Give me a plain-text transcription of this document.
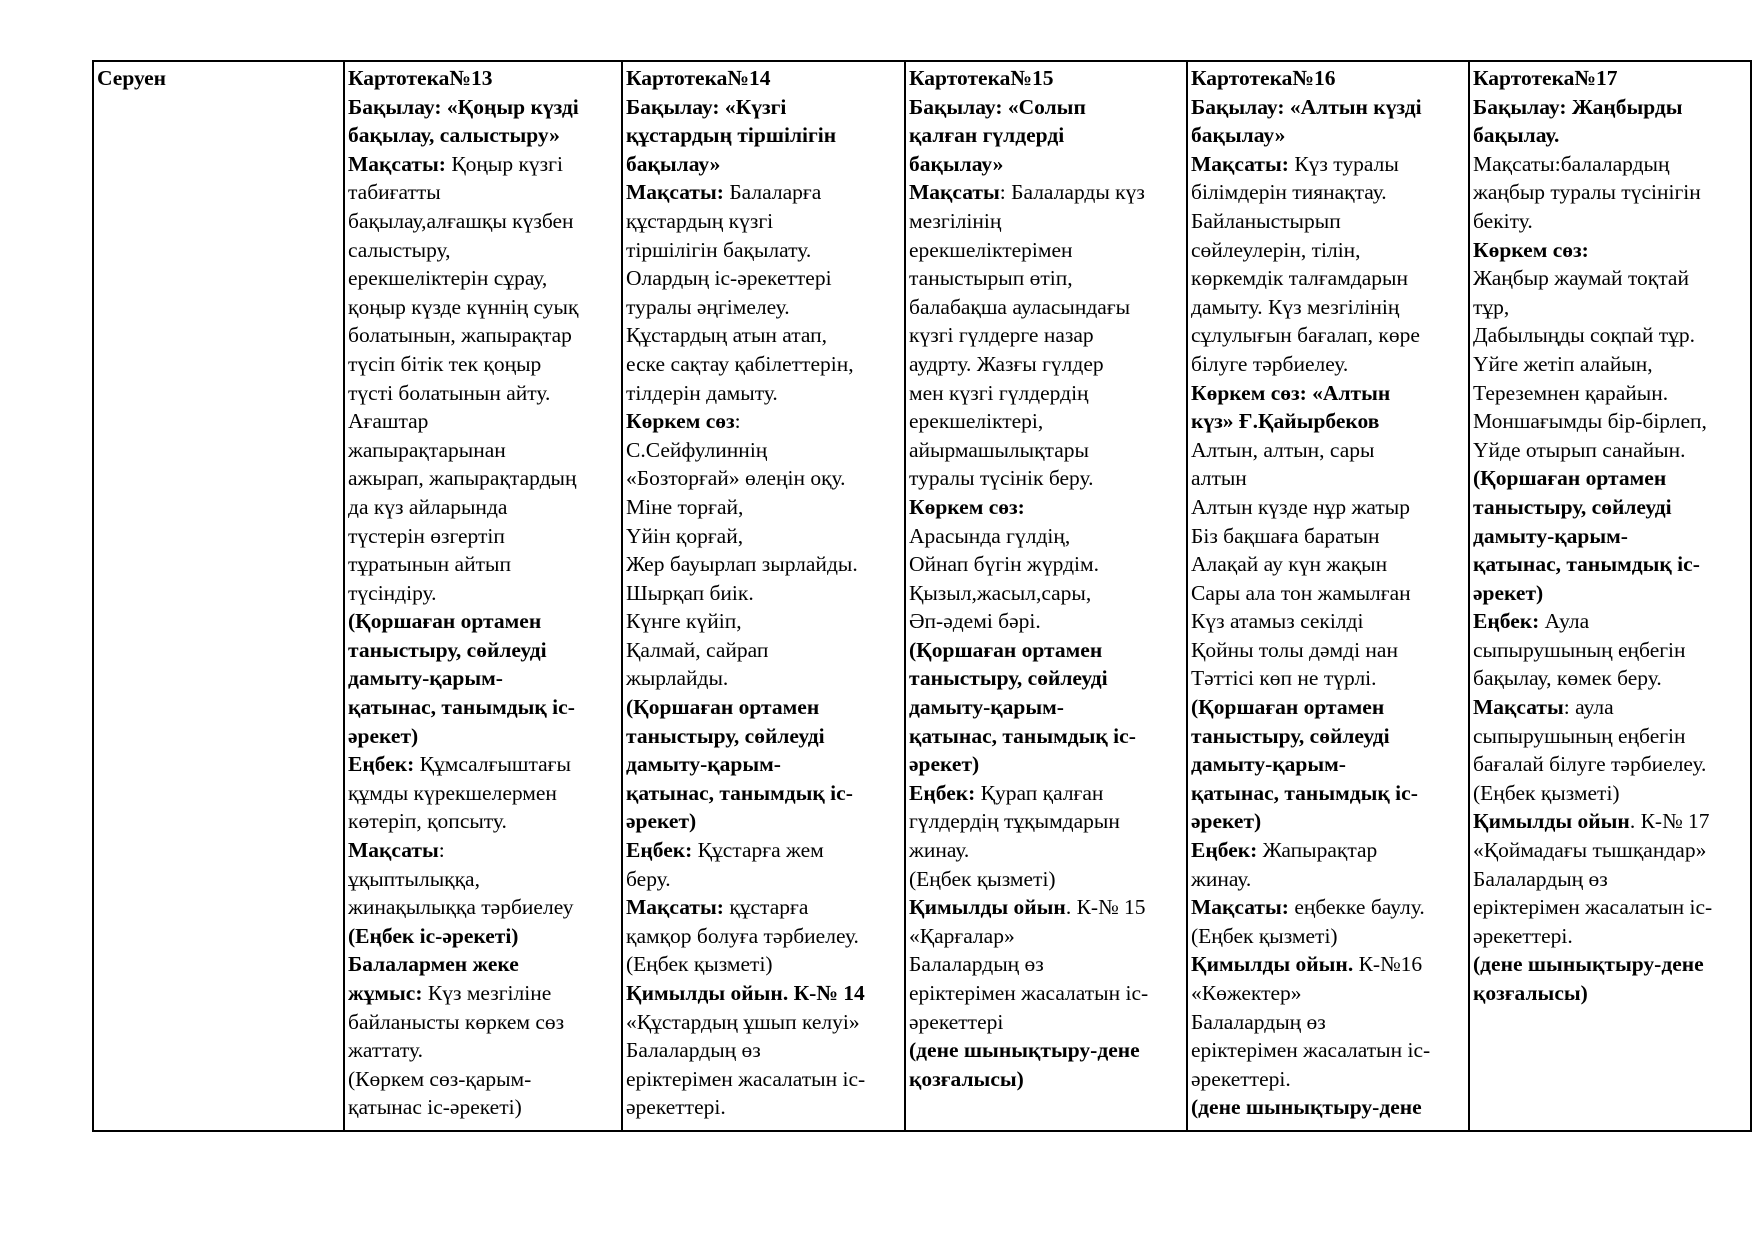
Серуен	Картотека№13
Бақылау: «Қоңыр күзді
бақылау, салыстыру»
Мақсаты: Қоңыр күзгі
табиғатты
бақылау,алғашқы күзбен
салыстыру,
ерекшеліктерін сұрау,
қоңыр күзде күннің суық
болатынын, жапырақтар
түсіп бітік тек қоңыр
түсті болатынын айту.
Ағаштар
жапырақтарынан
ажырап, жапырақтардың
да күз айларында
түстерін өзгертіп
тұратынын айтып
түсіндіру.
(Қоршаған ортамен
таныстыру, сөйлеуді
дамыту-қарым-
қатынас, танымдық іс-
әрекет)
Еңбек: Құмсалғыштағы
құмды күрекшелермен
көтеріп, қопсыту.
Мақсаты:
ұқыптылыққа,
жинақылыққа тәрбиелеу
(Еңбек іс-әрекеті)
Балалармен жеке
жұмыс: Күз мезгіліне
байланысты көркем сөз
жаттату.
(Көркем сөз-қарым-
қатынас іс-әрекеті)

Картотека№14
Бақылау: «Күзгі
құстардың тіршілігін
бақылау»
Мақсаты: Балаларға
құстардың күзгі
тіршілігін бақылату.
Олардың іс-әрекеттері
туралы әңгімелеу.
Құстардың атын атап,
еске сақтау қабілеттерін,
тілдерін дамыту.
Көркем сөз:
С.Сейфулиннің
«Бозторғай» өлеңін оқу.
Міне торғай,
Үйін қорғай,
Жер бауырлап зырлайды.
Шырқап биік.
Күнге күйіп,
Қалмай, сайрап
жырлайды.
(Қоршаған ортамен
таныстыру, сөйлеуді
дамыту-қарым-
қатынас, танымдық іс-
әрекет)
Еңбек: Құстарға жем
беру.
Мақсаты: құстарға
қамқор болуға тәрбиелеу.
(Еңбек қызметі)
Қимылды ойын. К-№ 14
«Құстардың ұшып келуі»
Балалардың өз
еріктерімен жасалатын іс-
әрекеттері.

Картотека№15
Бақылау: «Солып
қалған гүлдерді
бақылау»
Мақсаты: Балаларды күз
мезгілінің
ерекшеліктерімен
таныстырып өтіп,
балабақша ауласындағы
күзгі гүлдерге назар
аудрту. Жазғы гүлдер
мен күзгі гүлдердің
ерекшеліктері,
айырмашылықтары
туралы түсінік беру.
Көркем сөз:
Арасында гүлдің,
Ойнап бүгін жүрдім.
Қызыл,жасыл,сары,
Әп-әдемі бәрі.
(Қоршаған ортамен
таныстыру, сөйлеуді
дамыту-қарым-
қатынас, танымдық іс-
әрекет)
Еңбек: Қурап қалған
гүлдердің тұқымдарын
жинау.
(Еңбек қызметі)
Қимылды ойын. К-№ 15
«Қарғалар»
Балалардың өз
еріктерімен жасалатын іс-
әрекеттері
(дене шынықтыру-дене
қозғалысы)

Картотека№16
Бақылау: «Алтын күзді
бақылау»
Мақсаты: Күз туралы
білімдерін тиянақтау.
Байланыстырып
сөйлеулерін, тілін,
көркемдік талғамдарын
дамыту. Күз мезгілінің
сұлулығын бағалап, көре
білуге тәрбиелеу.
Көркем сөз: «Алтын
күз» Ғ.Қайырбеков
Алтын, алтын, сары
алтын
Алтын күзде нұр жатыр
Біз бақшаға баратын
Алақай ау күн жақын
Сары ала тон жамылған
Күз атамыз секілді
Қойны толы дәмді нан
Тәттісі көп не түрлі.
(Қоршаған ортамен
таныстыру, сөйлеуді
дамыту-қарым-
қатынас, танымдық іс-
әрекет)
Еңбек: Жапырақтар
жинау.
Мақсаты: еңбекке баулу.
(Еңбек қызметі)
Қимылды ойын. К-№16
«Көжектер»
Балалардың өз
еріктерімен жасалатын іс-
әрекеттері.
(дене шынықтыру-дене

Картотека№17
Бақылау: Жаңбырды
бақылау.
Мақсаты:балалардың
жаңбыр туралы түсінігін
бекіту.
Көркем сөз:
Жаңбыр жаумай тоқтай
тұр,
Дабылыңды соқпай тұр.
Үйге жетіп алайын,
Тереземнен қарайын.
Моншағымды бір-бірлеп,
Үйде отырып санайын.
(Қоршаған ортамен
таныстыру, сөйлеуді
дамыту-қарым-
қатынас, танымдық іс-
әрекет)
Еңбек: Аула
сыпырушының еңбегін
бақылау, көмек беру.
Мақсаты: аула
сыпырушының еңбегін
бағалай білуге тәрбиелеу.
(Еңбек қызметі)
Қимылды ойын. К-№ 17
«Қоймадағы тышқандар»
Балалардың өз
еріктерімен жасалатын іс-
әрекеттері.
(дене шынықтыру-дене
қозғалысы)
